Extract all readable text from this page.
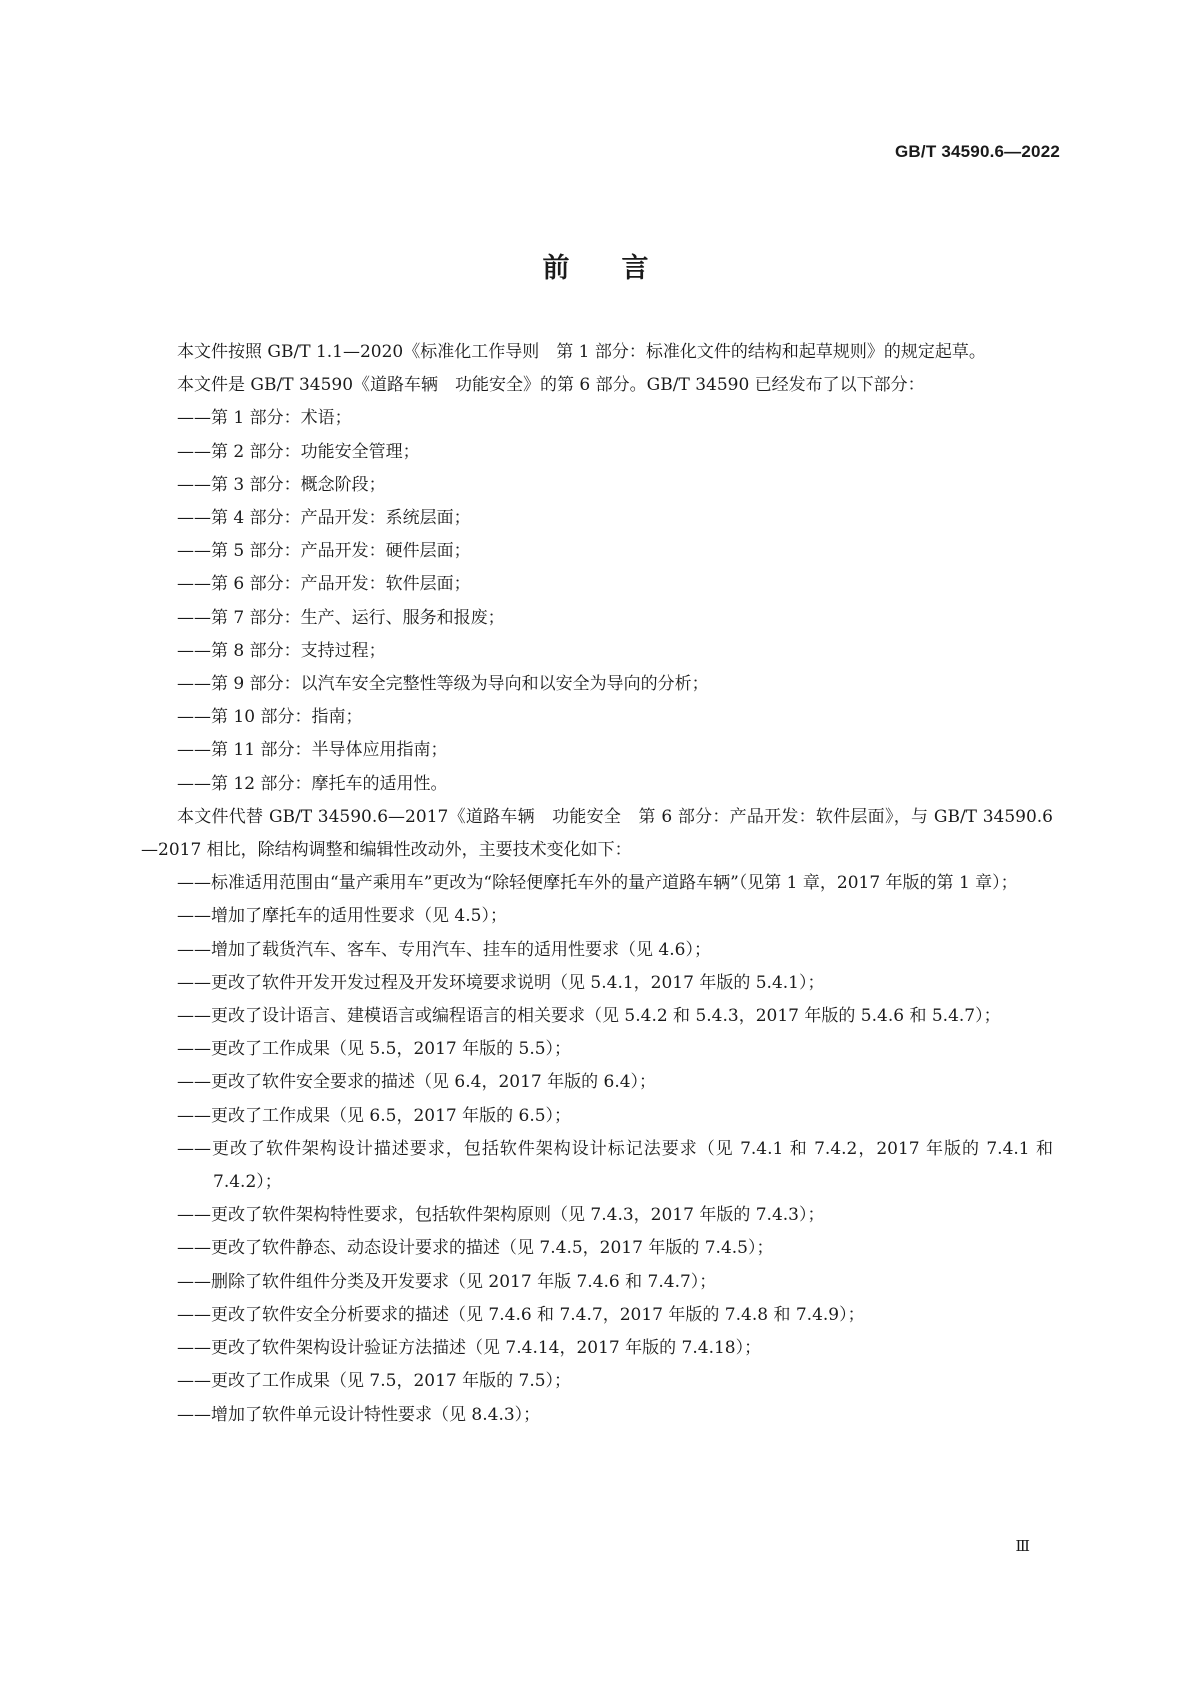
GB/T 34590.6—2022
前言

本文件按照 GB/T 1.1—2020《标准化工作导则　第 1 部分：标准化文件的结构和起草规则》的规定起草。

本文件是 GB/T 34590《道路车辆　功能安全》的第 6 部分。GB/T 34590 已经发布了以下部分：

——第 1 部分：术语；

——第 2 部分：功能安全管理；

——第 3 部分：概念阶段；

——第 4 部分：产品开发：系统层面；

——第 5 部分：产品开发：硬件层面；

——第 6 部分：产品开发：软件层面；

——第 7 部分：生产、运行、服务和报废；

——第 8 部分：支持过程；

——第 9 部分：以汽车安全完整性等级为导向和以安全为导向的分析；

——第 10 部分：指南；

——第 11 部分：半导体应用指南；

——第 12 部分：摩托车的适用性。

本文件代替 GB/T 34590.6—2017《道路车辆　功能安全　第 6 部分：产品开发：软件层面》，与 GB/T 34590.6—2017 相比，除结构调整和编辑性改动外，主要技术变化如下：

——标准适用范围由“量产乘用车”更改为“除轻便摩托车外的量产道路车辆”（见第 1 章，2017 年版的第 1 章）；

——增加了摩托车的适用性要求（见 4.5）；

——增加了载货汽车、客车、专用汽车、挂车的适用性要求（见 4.6）；

——更改了软件开发开发过程及开发环境要求说明（见 5.4.1，2017 年版的 5.4.1）；

——更改了设计语言、建模语言或编程语言的相关要求（见 5.4.2 和 5.4.3，2017 年版的 5.4.6 和 5.4.7）；

——更改了工作成果（见 5.5，2017 年版的 5.5）；

——更改了软件安全要求的描述（见 6.4，2017 年版的 6.4）；

——更改了工作成果（见 6.5，2017 年版的 6.5）；

——更改了软件架构设计描述要求，包括软件架构设计标记法要求（见 7.4.1 和 7.4.2，2017 年版的 7.4.1 和 7.4.2）；

——更改了软件架构特性要求，包括软件架构原则（见 7.4.3，2017 年版的 7.4.3）；

——更改了软件静态、动态设计要求的描述（见 7.4.5，2017 年版的 7.4.5）；

——删除了软件组件分类及开发要求（见 2017 年版 7.4.6 和 7.4.7）；

——更改了软件安全分析要求的描述（见 7.4.6 和 7.4.7，2017 年版的 7.4.8 和 7.4.9）；

——更改了软件架构设计验证方法描述（见 7.4.14，2017 年版的 7.4.18）；

——更改了工作成果（见 7.5，2017 年版的 7.5）；

——增加了软件单元设计特性要求（见 8.4.3）；

Ⅲ
